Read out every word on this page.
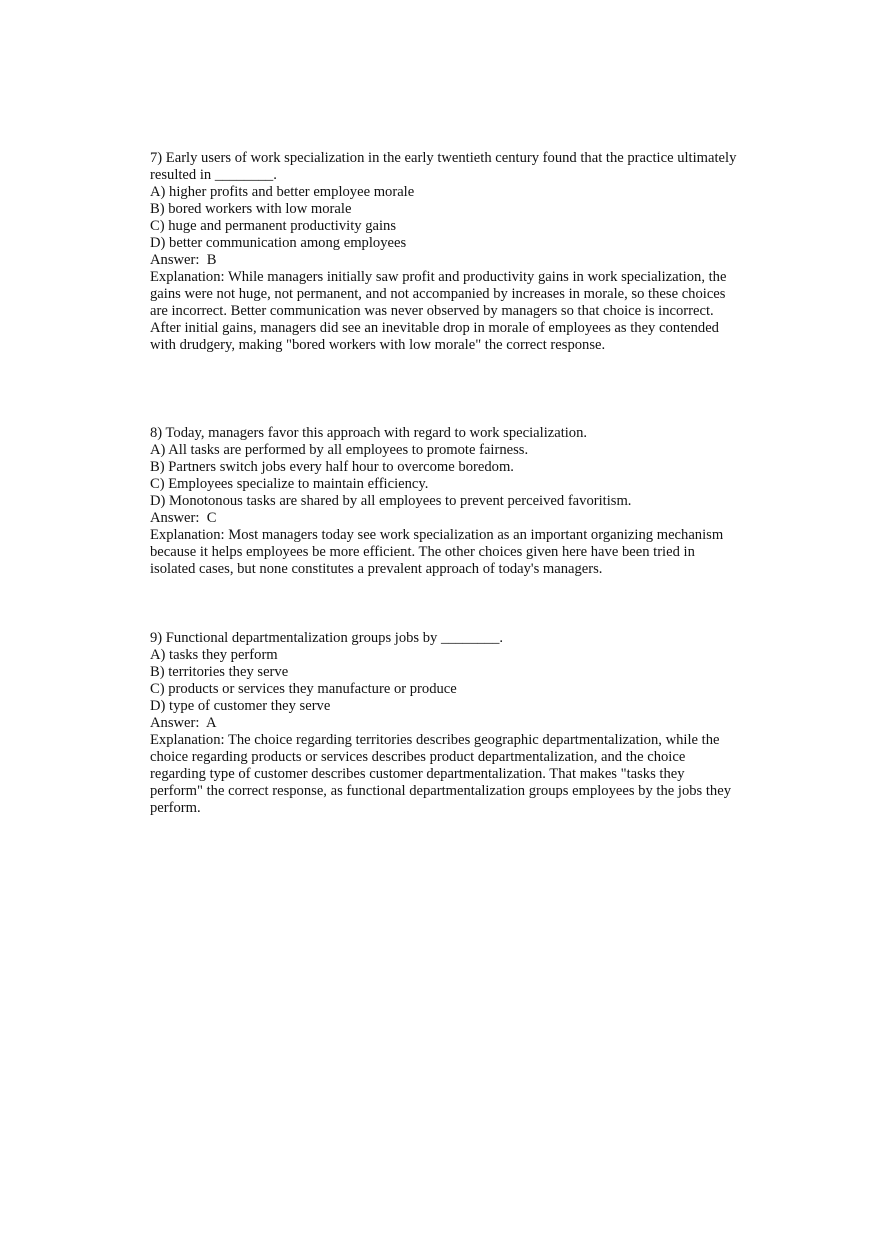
7) Early users of work specialization in the early twentieth century found that the practice ultimately resulted in ________.

A) higher profits and better employee morale

B) bored workers with low morale

C) huge and permanent productivity gains

D) better communication among employees

Answer:  B

Explanation: While managers initially saw profit and productivity gains in work specialization, the gains were not huge, not permanent, and not accompanied by increases in morale, so these choices are incorrect. Better communication was never observed by managers so that choice is incorrect. After initial gains, managers did see an inevitable drop in morale of employees as they contended with drudgery, making "bored workers with low morale" the correct response.

8) Today, managers favor this approach with regard to work specialization.

A) All tasks are performed by all employees to promote fairness.

B) Partners switch jobs every half hour to overcome boredom.

C) Employees specialize to maintain efficiency.

D) Monotonous tasks are shared by all employees to prevent perceived favoritism.

Answer:  C

Explanation: Most managers today see work specialization as an important organizing mechanism because it helps employees be more efficient. The other choices given here have been tried in isolated cases, but none constitutes a prevalent approach of today's managers.

9) Functional departmentalization groups jobs by ________.

A) tasks they perform

B) territories they serve

C) products or services they manufacture or produce

D) type of customer they serve

Answer:  A

Explanation: The choice regarding territories describes geographic departmentalization, while the choice regarding products or services describes product departmentalization, and the choice regarding type of customer describes customer departmentalization. That makes "tasks they perform" the correct response, as functional departmentalization groups employees by the jobs they perform.
